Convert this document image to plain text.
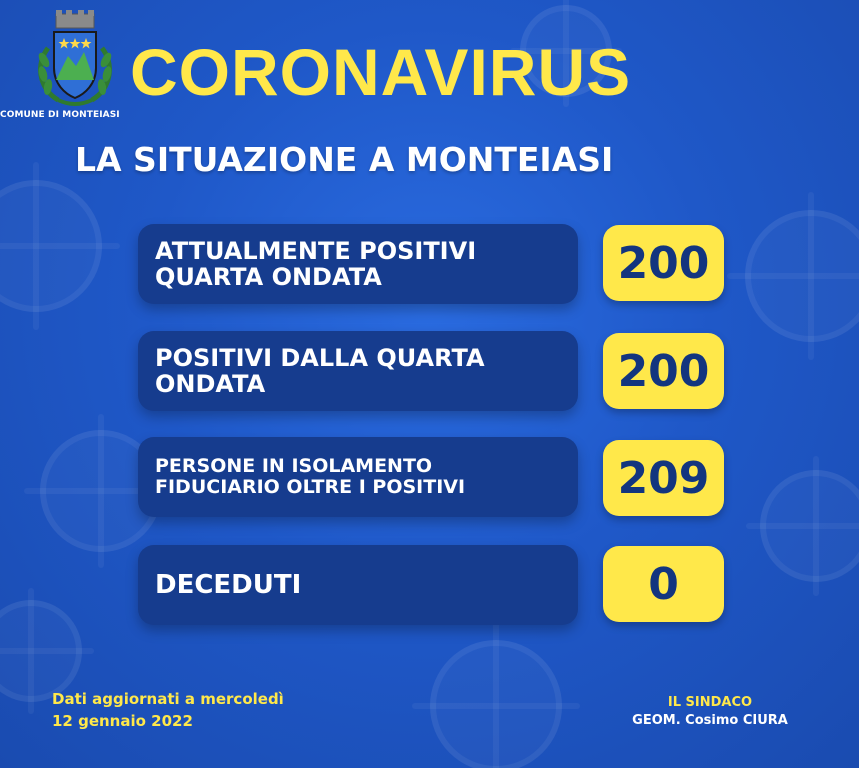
COMUNE DI MONTEIASI
CORONAVIRUS
LA SITUAZIONE A MONTEIASI
ATTUALMENTE POSITIVI
QUARTA ONDATA	200
POSITIVI DALLA QUARTA
ONDATA	200
PERSONE IN ISOLAMENTO
FIDUCIARIO OLTRE I POSITIVI	209
DECEDUTI	0
Dati aggiornati a mercoledì
12 gennaio 2022
IL SINDACO
GEOM. Cosimo CIURA
